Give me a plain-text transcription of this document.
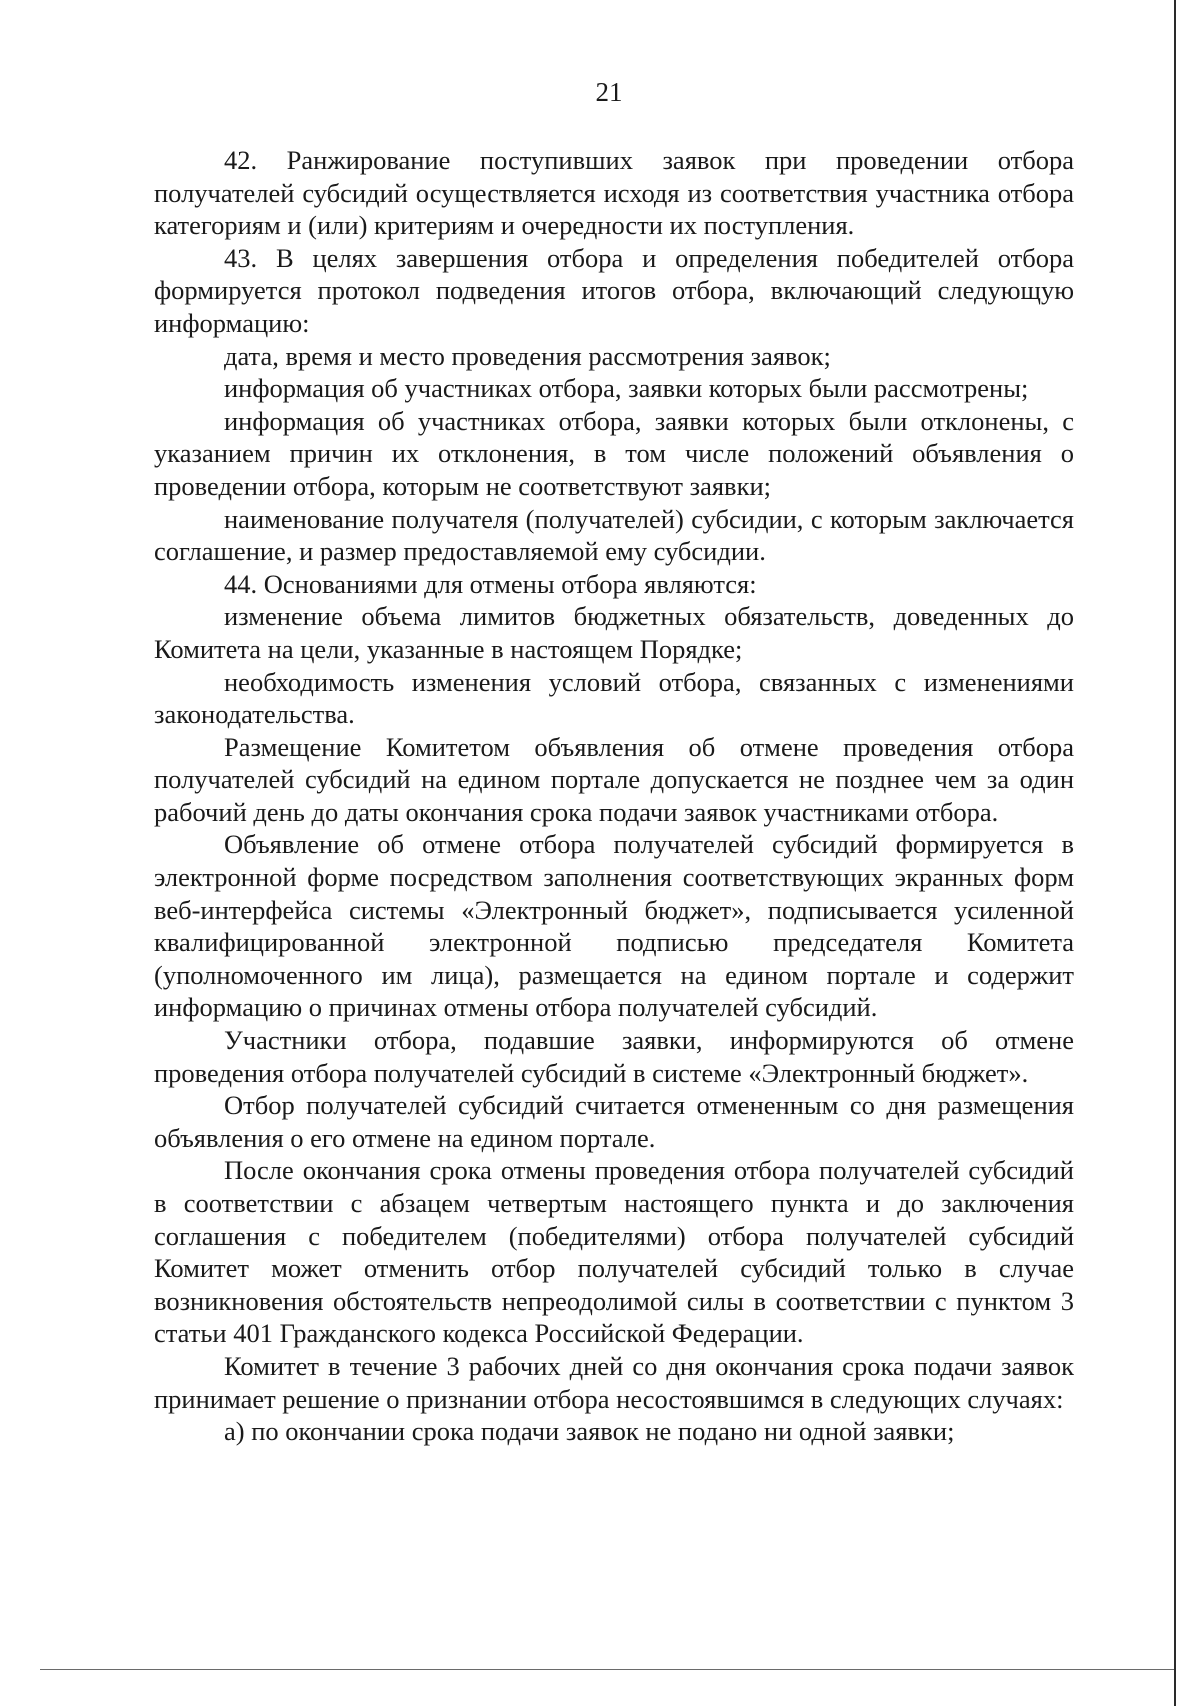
21

42. Ранжирование поступивших заявок при проведении отбора получателей субсидий осуществляется исходя из соответствия участника отбора категориям и (или) критериям и очередности их поступления.

43. В целях завершения отбора и определения победителей отбора формируется протокол подведения итогов отбора, включающий следующую информацию:

дата, время и место проведения рассмотрения заявок;

информация об участниках отбора, заявки которых были рассмотрены;

информация об участниках отбора, заявки которых были отклонены, с указанием причин их отклонения, в том числе положений объявления о проведении отбора, которым не соответствуют заявки;

наименование получателя (получателей) субсидии, с которым заключается соглашение, и размер предоставляемой ему субсидии.

44. Основаниями для отмены отбора являются:

изменение объема лимитов бюджетных обязательств, доведенных до Комитета на цели, указанные в настоящем Порядке;

необходимость изменения условий отбора, связанных с изменениями законодательства.

Размещение Комитетом объявления об отмене проведения отбора получателей субсидий на едином портале допускается не позднее чем за один рабочий день до даты окончания срока подачи заявок участниками отбора.

Объявление об отмене отбора получателей субсидий формируется в электронной форме посредством заполнения соответствующих экранных форм веб-интерфейса системы «Электронный бюджет», подписывается усиленной квалифицированной электронной подписью председателя Комитета (уполномоченного им лица), размещается на едином портале и содержит информацию о причинах отмены отбора получателей субсидий.

Участники отбора, подавшие заявки, информируются об отмене проведения отбора получателей субсидий в системе «Электронный бюджет».

Отбор получателей субсидий считается отмененным со дня размещения объявления о его отмене на едином портале.

После окончания срока отмены проведения отбора получателей субсидий в соответствии с абзацем четвертым настоящего пункта и до заключения соглашения с победителем (победителями) отбора получателей субсидий Комитет может отменить отбор получателей субсидий только в случае возникновения обстоятельств непреодолимой силы в соответствии с пунктом 3 статьи 401 Гражданского кодекса Российской Федерации.

Комитет в течение 3 рабочих дней со дня окончания срока подачи заявок принимает решение о признании отбора несостоявшимся в следующих случаях:

а) по окончании срока подачи заявок не подано ни одной заявки;
